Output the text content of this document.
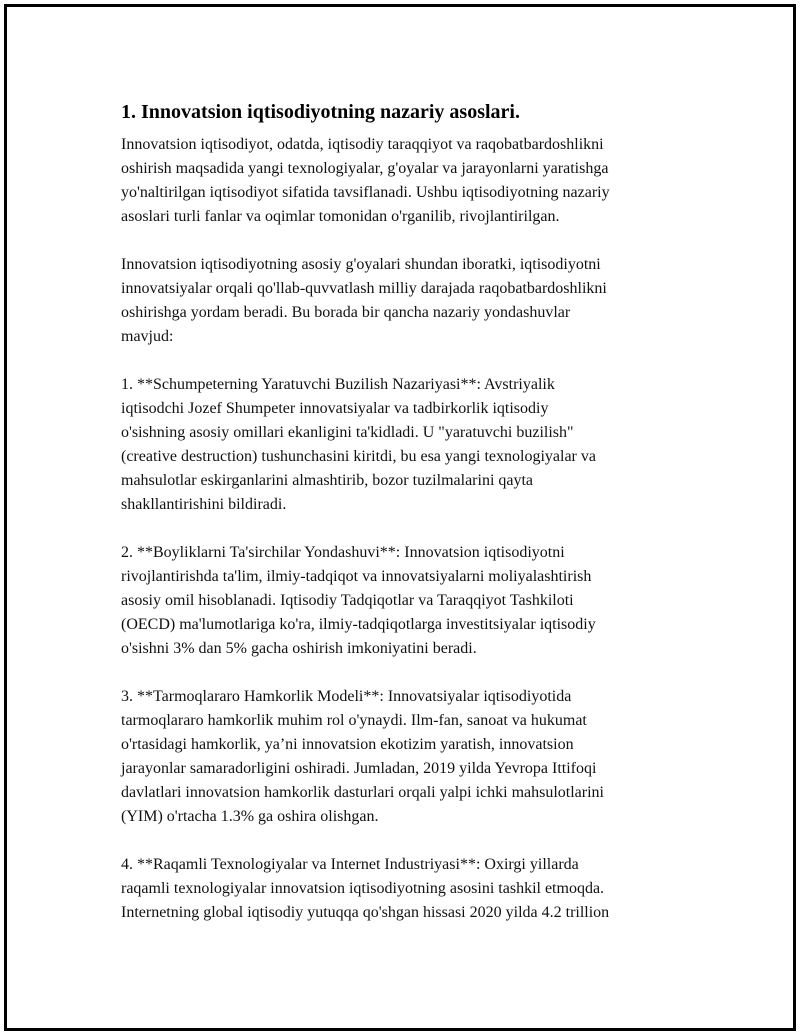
1. Innovatsion iqtisodiyotning nazariy asoslari.
Innovatsion iqtisodiyot, odatda, iqtisodiy taraqqiyot va raqobatbardoshlikni
oshirish maqsadida yangi texnologiyalar, g'oyalar va jarayonlarni yaratishga
yo'naltirilgan iqtisodiyot sifatida tavsiflanadi. Ushbu iqtisodiyotning nazariy
asoslari turli fanlar va oqimlar tomonidan o'rganilib, rivojlantirilgan.
Innovatsion iqtisodiyotning asosiy g'oyalari shundan iboratki, iqtisodiyotni
innovatsiyalar orqali qo'llab-quvvatlash milliy darajada raqobatbardoshlikni
oshirishga yordam beradi. Bu borada bir qancha nazariy yondashuvlar
mavjud:
1. **Schumpeterning Yaratuvchi Buzilish Nazariyasi**: Avstriyalik
iqtisodchi Jozef Shumpeter innovatsiyalar va tadbirkorlik iqtisodiy
o'sishning asosiy omillari ekanligini ta'kidladi. U "yaratuvchi buzilish"
(creative destruction) tushunchasini kiritdi, bu esa yangi texnologiyalar va
mahsulotlar eskirganlarini almashtirib, bozor tuzilmalarini qayta
shakllantirishini bildiradi.
2. **Boyliklarni Ta'sirchilar Yondashuvi**: Innovatsion iqtisodiyotni
rivojlantirishda ta'lim, ilmiy-tadqiqot va innovatsiyalarni moliyalashtirish
asosiy omil hisoblanadi. Iqtisodiy Tadqiqotlar va Taraqqiyot Tashkiloti
(OECD) ma'lumotlariga ko'ra, ilmiy-tadqiqotlarga investitsiyalar iqtisodiy
o'sishni 3% dan 5% gacha oshirish imkoniyatini beradi.
3. **Tarmoqlararo Hamkorlik Modeli**: Innovatsiyalar iqtisodiyotida
tarmoqlararo hamkorlik muhim rol o'ynaydi. Ilm-fan, sanoat va hukumat
o'rtasidagi hamkorlik, ya’ni innovatsion ekotizim yaratish, innovatsion
jarayonlar samaradorligini oshiradi. Jumladan, 2019 yilda Yevropa Ittifoqi
davlatlari innovatsion hamkorlik dasturlari orqali yalpi ichki mahsulotlarini
(YIM) o'rtacha 1.3% ga oshira olishgan.
4. **Raqamli Texnologiyalar va Internet Industriyasi**: Oxirgi yillarda
raqamli texnologiyalar innovatsion iqtisodiyotning asosini tashkil etmoqda.
Internetning global iqtisodiy yutuqqa qo'shgan hissasi 2020 yilda 4.2 trillion
